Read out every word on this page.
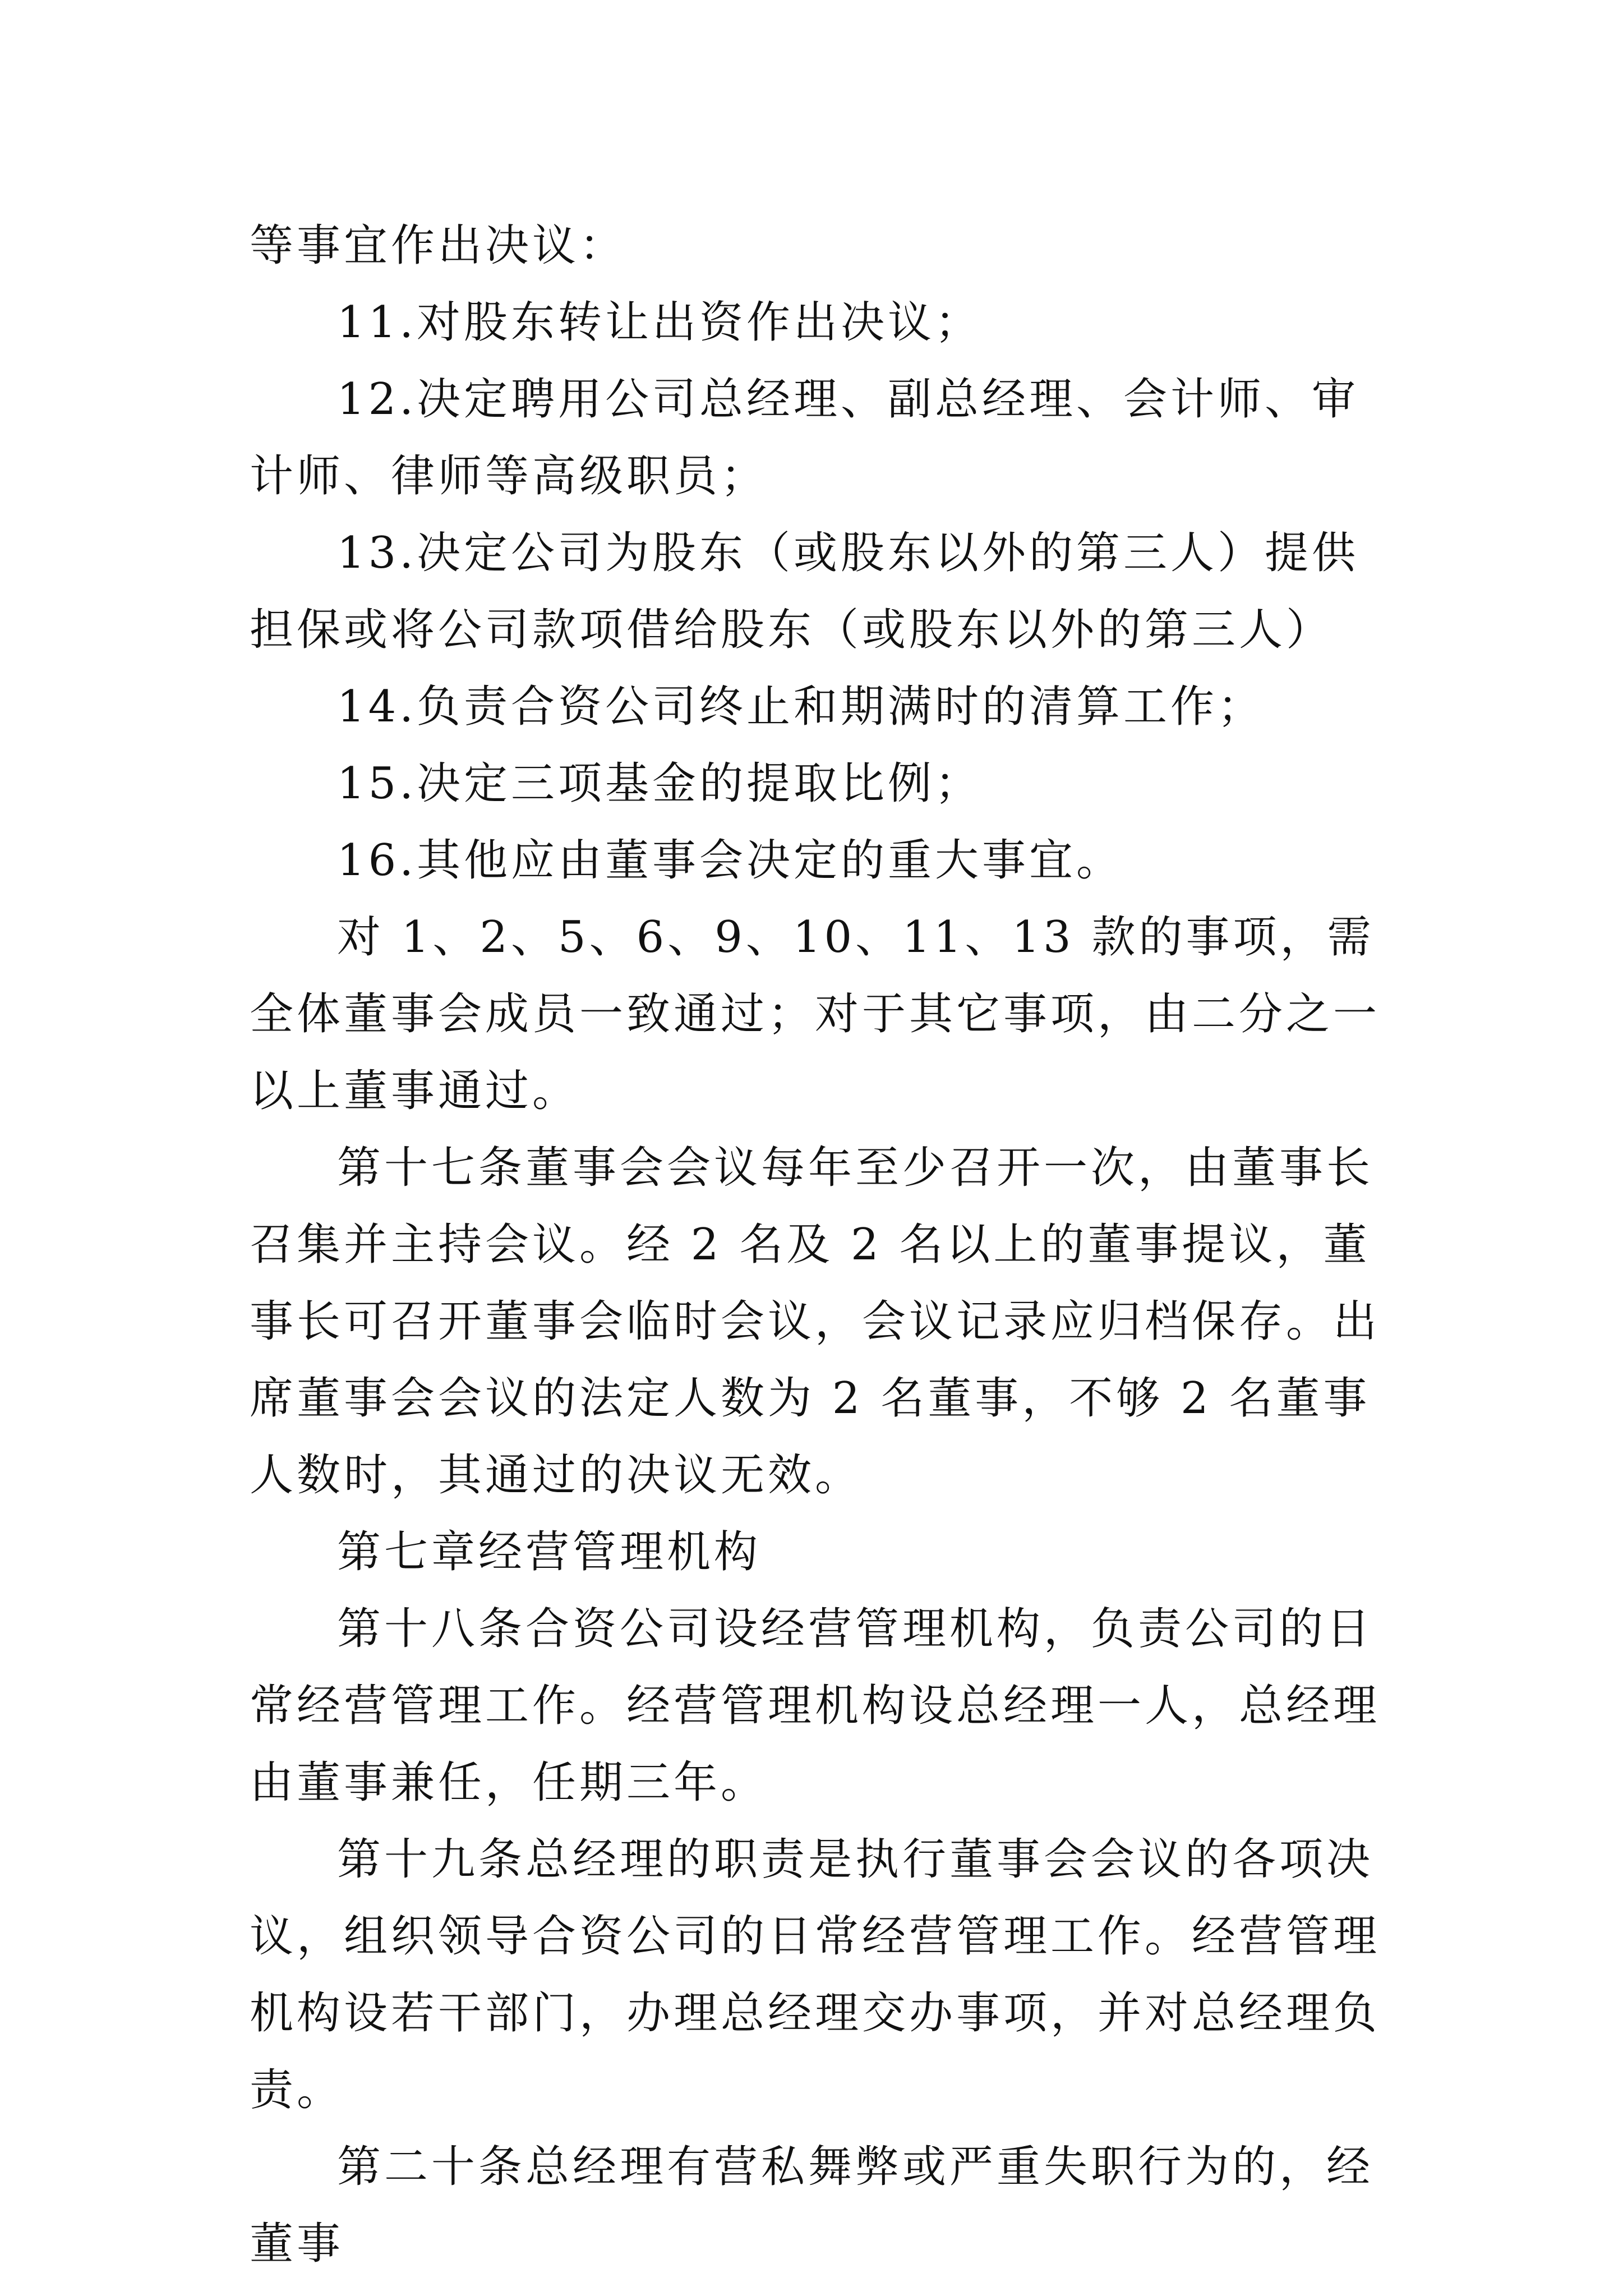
等事宜作出决议：

11.对股东转让出资作出决议；

12.决定聘用公司总经理、副总经理、会计师、审计师、律师等高级职员；

13.决定公司为股东（或股东以外的第三人）提供担保或将公司款项借给股东（或股东以外的第三人）

14.负责合资公司终止和期满时的清算工作；

15.决定三项基金的提取比例；

16.其他应由董事会决定的重大事宜。

对 1、2、5、6、9、10、11、13 款的事项，需全体董事会成员一致通过；对于其它事项，由二分之一以上董事通过。

第十七条董事会会议每年至少召开一次，由董事长召集并主持会议。经 2 名及 2 名以上的董事提议，董事长可召开董事会临时会议，会议记录应归档保存。出席董事会会议的法定人数为 2 名董事，不够 2 名董事人数时，其通过的决议无效。

第七章经营管理机构

第十八条合资公司设经营管理机构，负责公司的日常经营管理工作。经营管理机构设总经理一人，总经理由董事兼任，任期三年。

第十九条总经理的职责是执行董事会会议的各项决议，组织领导合资公司的日常经营管理工作。经营管理机构设若干部门，办理总经理交办事项，并对总经理负责。

第二十条总经理有营私舞弊或严重失职行为的，经董事
